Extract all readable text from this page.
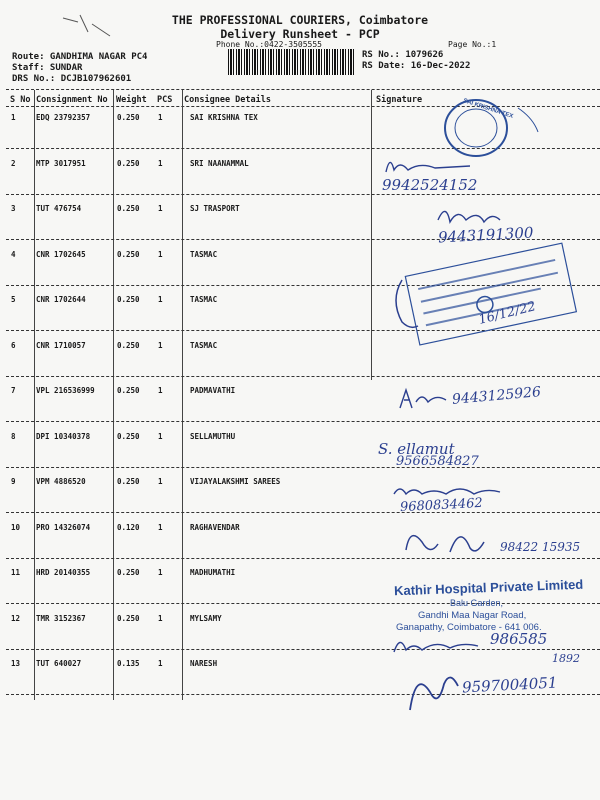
THE PROFESSIONAL COURIERS, Coimbatore
Delivery Runsheet - PCP
Phone No.:0422-3505555	Page No.:1
Route: GANDHIMA NAGAR PC4
Staff: SUNDAR
DRS No.: DCJB107962601
RS No.: 1079626
RS Date: 16-Dec-2022
S No Consignment No Weight PCS Consignee Details	Signature
1	EDQ 23792357	0.250 1	SAI KRISHNA TEX
2	MTP 3017951	0.250 1	SRI NAANAMMAL
3	TUT 476754	0.250 1	SJ TRASPORT
4	CNR 1702645	0.250 1	TASMAC
5	CNR 1702644	0.250 1	TASMAC
6	CNR 1710057	0.250 1	TASMAC
7	VPL 216536999	0.250 1	PADMAVATHI
8	DPI 10340378	0.250 1	SELLAMUTHU
9	VPM 4886520	0.250 1	VIJAYALAKSHMI SAREES
10 PRO 14326074	0.120 1	RAGHAVENDAR
11 HRD 20140355	0.250 1	MADHUMATHI
12 TMR 3152367	0.250 1	MYLSAMY
13 TUT 640027	0.135 1	NARESH
SAI KRISHNA TEX
9942524152
9443191300
16/12/22
9443125926
S. ellamut
9566584827
9680834462
98422 15935
Kathir Hospital Private Limited
Balu Garden,
Gandhi Maa Nagar Road,
Ganapathy, Coimbatore - 641 006.
986585
1892
9597004051
